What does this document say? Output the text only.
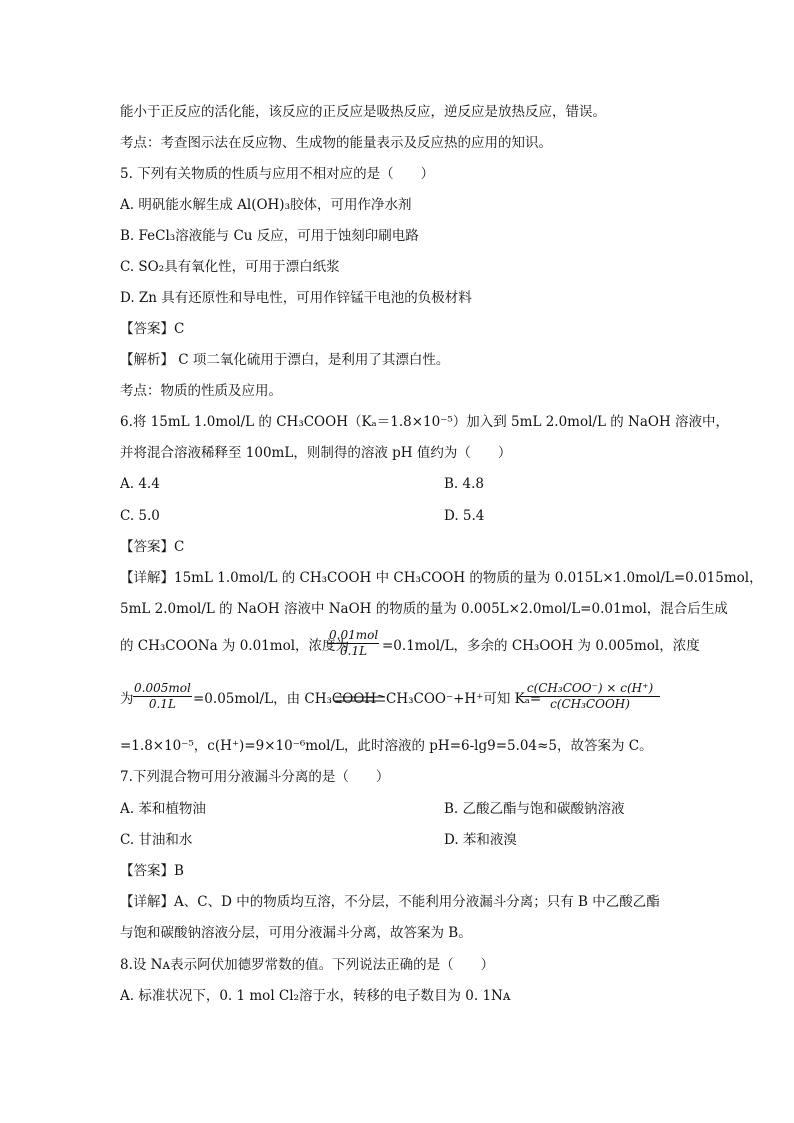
能小于正反应的活化能，该反应的正反应是吸热反应，逆反应是放热反应，错误。
考点：考查图示法在反应物、生成物的能量表示及反应热的应用的知识。
5. 下列有关物质的性质与应用不相对应的是（　　）
A. 明矾能水解生成 Al(OH)₃胶体，可用作净水剂
B. FeCl₃溶液能与 Cu 反应，可用于蚀刻印刷电路
C. SO₂具有氧化性，可用于漂白纸浆
D. Zn 具有还原性和导电性，可用作锌锰干电池的负极材料
【答案】C
【解析】 C 项二氧化硫用于漂白，是利用了其漂白性。
考点：物质的性质及应用。
6.将 15mL 1.0mol/L 的 CH₃COOH（Kₐ＝1.8×10⁻⁵）加入到 5mL 2.0mol/L 的 NaOH 溶液中，
并将混合溶液稀释至 100mL，则制得的溶液 pH 值约为（　　）
A. 4.4	B. 4.8
C. 5.0	D. 5.4
【答案】C
【详解】15mL 1.0mol/L 的 CH₃COOH 中 CH₃COOH 的物质的量为 0.015L×1.0mol/L=0.015mol，
5mL 2.0mol/L 的 NaOH 溶液中 NaOH 的物质的量为 0.005L×2.0mol/L=0.01mol，混合后生成
的 CH₃COONa 为 0.01mol，浓度为
0.01mol
0.1L	=0.1mol/L，多余的 CH₃OOH 为 0.005mol，浓度
为
0.005mol
0.1L	=0.05mol/L，由 CH₃COOH ⇌ CH₃COO⁻+H⁺可知 Kₐ=
c(CH₃COO⁻) × c(H⁺)
c(CH₃COOH)
=1.8×10⁻⁵，c(H⁺)=9×10⁻⁶mol/L，此时溶液的 pH=6-lg9=5.04≈5，故答案为 C。
7.下列混合物可用分液漏斗分离的是（　　）
A. 苯和植物油	B. 乙酸乙酯与饱和碳酸钠溶液
C. 甘油和水	D. 苯和液溴
【答案】B
【详解】A、C、D 中的物质均互溶，不分层，不能利用分液漏斗分离；只有 B 中乙酸乙酯
与饱和碳酸钠溶液分层，可用分液漏斗分离，故答案为 B。
8.设 Nᴀ表示阿伏加德罗常数的值。下列说法正确的是（　　）
A. 标准状况下，0. 1 mol Cl₂溶于水，转移的电子数目为 0. 1Nᴀ
